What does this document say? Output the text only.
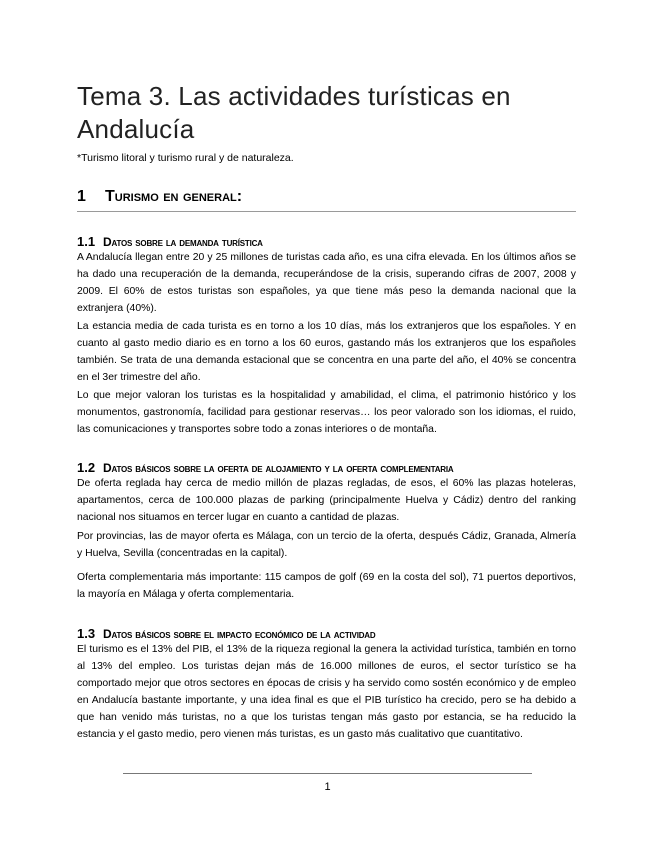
Tema 3. Las actividades turísticas en Andalucía

*Turismo litoral y turismo rural y de naturaleza.

1 Turismo en general:
1.1 Datos sobre la demanda turística

A Andalucía llegan entre 20 y 25 millones de turistas cada año, es una cifra elevada. En los últimos años se ha dado una recuperación de la demanda, recuperándose de la crisis, superando cifras de 2007, 2008 y 2009. El 60% de estos turistas son españoles, ya que tiene más peso la demanda nacional que la extranjera (40%).

La estancia media de cada turista es en torno a los 10 días, más los extranjeros que los españoles. Y en cuanto al gasto medio diario es en torno a los 60 euros, gastando más los extranjeros que los españoles también. Se trata de una demanda estacional que se concentra en una parte del año, el 40% se concentra en el 3er trimestre del año.

Lo que mejor valoran los turistas es la hospitalidad y amabilidad, el clima, el patrimonio histórico y los monumentos, gastronomía, facilidad para gestionar reservas… los peor valorado son los idiomas, el ruido, las comunicaciones y transportes sobre todo a zonas interiores o de montaña.

1.2 Datos básicos sobre la oferta de alojamiento y la oferta complementaria

De oferta reglada hay cerca de medio millón de plazas regladas, de esos, el 60% las plazas hoteleras, apartamentos, cerca de 100.000 plazas de parking (principalmente Huelva y Cádiz) dentro del ranking nacional nos situamos en tercer lugar en cuanto a cantidad de plazas.

Por provincias, las de mayor oferta es Málaga, con un tercio de la oferta, después Cádiz, Granada, Almería y Huelva, Sevilla (concentradas en la capital).

Oferta complementaria más importante: 115 campos de golf (69 en la costa del sol), 71 puertos deportivos, la mayoría en Málaga y oferta complementaria.

1.3 Datos básicos sobre el impacto económico de la actividad

El turismo es el 13% del PIB, el 13% de la riqueza regional la genera la actividad turística, también en torno al 13% del empleo. Los turistas dejan más de 16.000 millones de euros, el sector turístico se ha comportado mejor que otros sectores en épocas de crisis y ha servido como sostén económico y de empleo en Andalucía bastante importante, y una idea final es que el PIB turístico ha crecido, pero se ha debido a que han venido más turistas, no a que los turistas tengan más gasto por estancia, se ha reducido la estancia y el gasto medio, pero vienen más turistas, es un gasto más cualitativo que cuantitativo.

1
